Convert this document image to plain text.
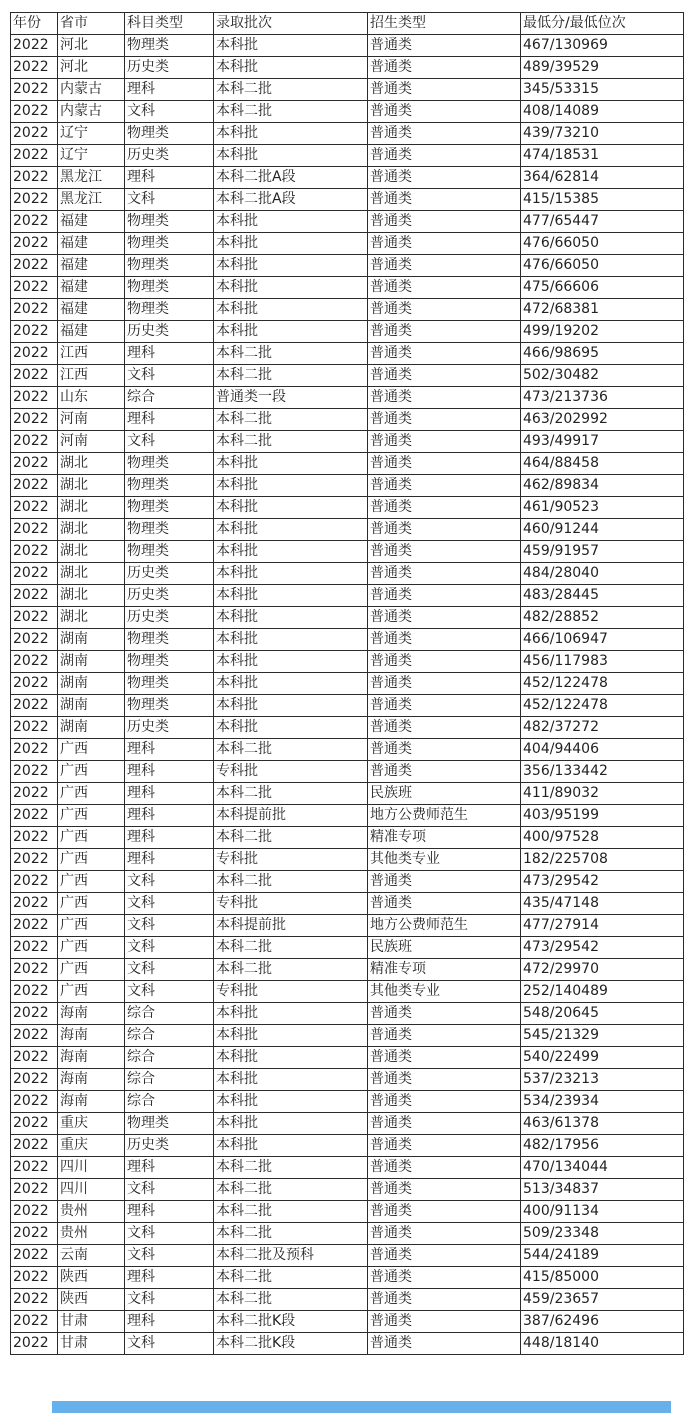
年份	省市	科目类型	录取批次	招生类型	最低分/最低位次
2022	河北	物理类	本科批	普通类	467/130969
2022	河北	历史类	本科批	普通类	489/39529
2022	内蒙古	理科	本科二批	普通类	345/53315
2022	内蒙古	文科	本科二批	普通类	408/14089
2022	辽宁	物理类	本科批	普通类	439/73210
2022	辽宁	历史类	本科批	普通类	474/18531
2022	黑龙江	理科	本科二批A段	普通类	364/62814
2022	黑龙江	文科	本科二批A段	普通类	415/15385
2022	福建	物理类	本科批	普通类	477/65447
2022	福建	物理类	本科批	普通类	476/66050
2022	福建	物理类	本科批	普通类	476/66050
2022	福建	物理类	本科批	普通类	475/66606
2022	福建	物理类	本科批	普通类	472/68381
2022	福建	历史类	本科批	普通类	499/19202
2022	江西	理科	本科二批	普通类	466/98695
2022	江西	文科	本科二批	普通类	502/30482
2022	山东	综合	普通类一段	普通类	473/213736
2022	河南	理科	本科二批	普通类	463/202992
2022	河南	文科	本科二批	普通类	493/49917
2022	湖北	物理类	本科批	普通类	464/88458
2022	湖北	物理类	本科批	普通类	462/89834
2022	湖北	物理类	本科批	普通类	461/90523
2022	湖北	物理类	本科批	普通类	460/91244
2022	湖北	物理类	本科批	普通类	459/91957
2022	湖北	历史类	本科批	普通类	484/28040
2022	湖北	历史类	本科批	普通类	483/28445
2022	湖北	历史类	本科批	普通类	482/28852
2022	湖南	物理类	本科批	普通类	466/106947
2022	湖南	物理类	本科批	普通类	456/117983
2022	湖南	物理类	本科批	普通类	452/122478
2022	湖南	物理类	本科批	普通类	452/122478
2022	湖南	历史类	本科批	普通类	482/37272
2022	广西	理科	本科二批	普通类	404/94406
2022	广西	理科	专科批	普通类	356/133442
2022	广西	理科	本科二批	民族班	411/89032
2022	广西	理科	本科提前批	地方公费师范生	403/95199
2022	广西	理科	本科二批	精准专项	400/97528
2022	广西	理科	专科批	其他类专业	182/225708
2022	广西	文科	本科二批	普通类	473/29542
2022	广西	文科	专科批	普通类	435/47148
2022	广西	文科	本科提前批	地方公费师范生	477/27914
2022	广西	文科	本科二批	民族班	473/29542
2022	广西	文科	本科二批	精准专项	472/29970
2022	广西	文科	专科批	其他类专业	252/140489
2022	海南	综合	本科批	普通类	548/20645
2022	海南	综合	本科批	普通类	545/21329
2022	海南	综合	本科批	普通类	540/22499
2022	海南	综合	本科批	普通类	537/23213
2022	海南	综合	本科批	普通类	534/23934
2022	重庆	物理类	本科批	普通类	463/61378
2022	重庆	历史类	本科批	普通类	482/17956
2022	四川	理科	本科二批	普通类	470/134044
2022	四川	文科	本科二批	普通类	513/34837
2022	贵州	理科	本科二批	普通类	400/91134
2022	贵州	文科	本科二批	普通类	509/23348
2022	云南	文科	本科二批及预科	普通类	544/24189
2022	陕西	理科	本科二批	普通类	415/85000
2022	陕西	文科	本科二批	普通类	459/23657
2022	甘肃	理科	本科二批K段	普通类	387/62496
2022	甘肃	文科	本科二批K段	普通类	448/18140
